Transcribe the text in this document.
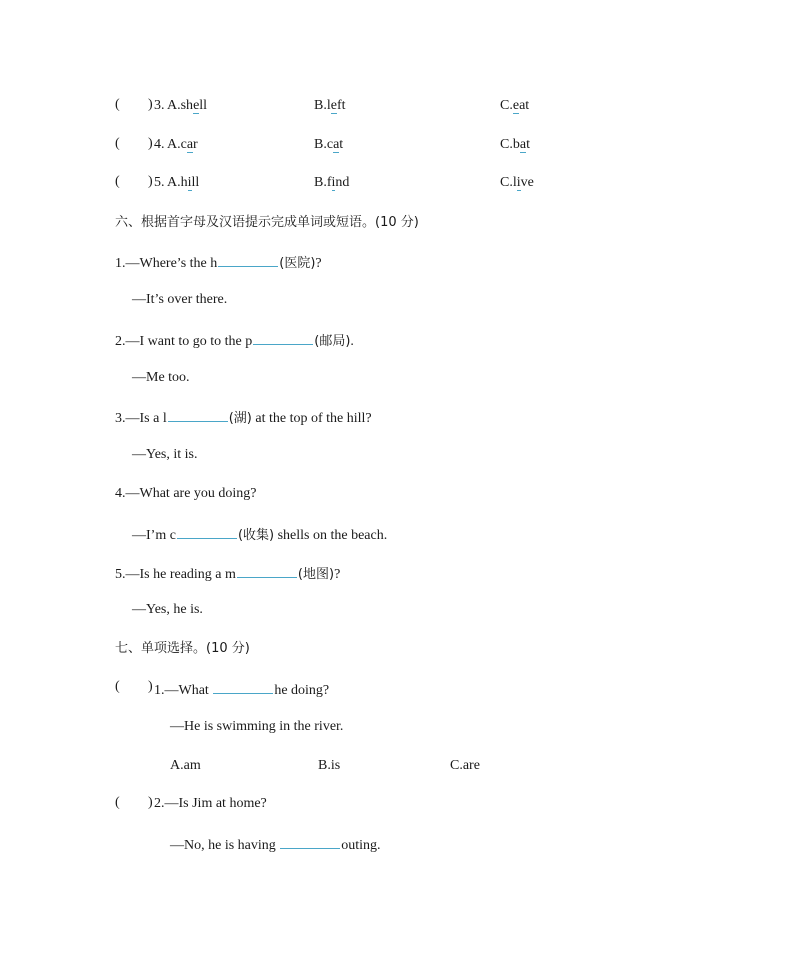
( ) 3. A.shell	B.left	C.eat
( ) 4. A.car	B.cat	C.bat
( ) 5. A.hill	B.find	C.live
六、根据首字母及汉语提示完成单词或短语。(10 分)
1.—Where’s the h	(医院)?
—It’s over there.
2.—I want to go to the p	(邮局).
—Me too.
3.—Is a l	(湖) at the top of the hill?
—Yes, it is.
4.—What are you doing?
—I’m c	(收集) shells on the beach.
5.—Is he reading a m	(地图)?
—Yes, he is.
七、单项选择。(10 分)
( ) 1.—What	he doing?
—He is swimming in the river.
A.am	B.is	C.are
( ) 2.—Is Jim at home?
—No, he is having	outing.
